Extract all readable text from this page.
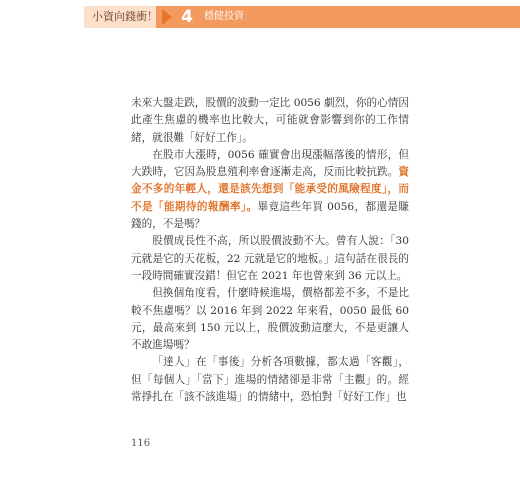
小資向錢衝！ 4	穩健投資

未來大盤走跌，股價的波動一定比 0056 劇烈，你的心情因此產生焦慮的機率也比較大，可能就會影響到你的工作情緒，就很難「好好工作」。

在股市大漲時，0056 確實會出現漲幅落後的情形，但大跌時，它因為股息殖利率會逐漸走高，反而比較抗跌。資金不多的年輕人，還是該先想到「能承受的風險程度」，而不是「能期待的報酬率」。畢竟這些年買 0056，都還是賺錢的，不是嗎？

股價成長性不高，所以股價波動不大。曾有人說：「30 元就是它的天花板，22 元就是它的地板。」這句話在很長的一段時間確實沒錯！但它在 2021 年也曾來到 36 元以上。

但換個角度看，什麼時候進場，價格都差不多，不是比較不焦慮嗎？以 2016 年到 2022 年來看，0050 最低 60 元，最高來到 150 元以上，股價波動這麼大，不是更讓人不敢進場嗎？

「達人」在「事後」分析各項數據，都太過「客觀」，但「每個人」「當下」進場的情緒卻是非常「主觀」的。經常掙扎在「該不該進場」的情緒中，恐怕對「好好工作」也

116
